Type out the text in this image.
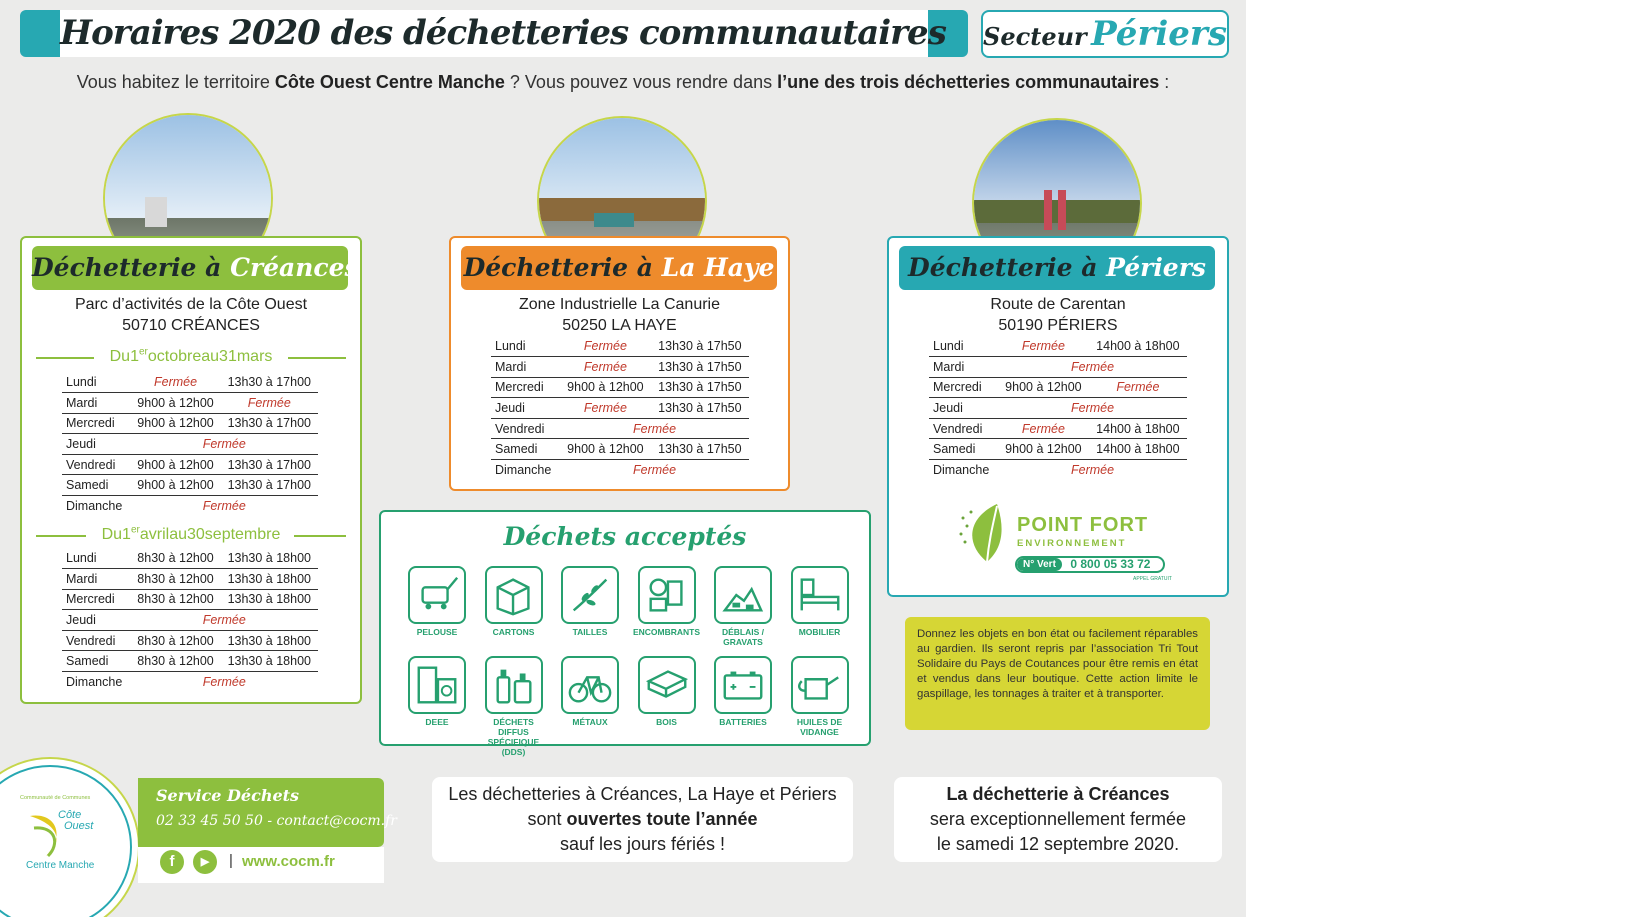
Horaires 2020 des déchetteries communautaires Secteur Périers
Vous habitez le territoire Côte Ouest Centre Manche ? Vous pouvez vous rendre dans l’une des trois déchetteries communautaires :
Déchetterie à Créances
Parc d’activités de la Côte Ouest
50710 CRÉANCES
Du1eroctobreau31mars
Lundi	Fermée	13h30 à 17h00
Mardi	9h00 à 12h00	Fermée
Mercredi	9h00 à 12h00	13h30 à 17h00
Jeudi	Fermée	
Vendredi	9h00 à 12h00	13h30 à 17h00
Samedi	9h00 à 12h00	13h30 à 17h00
Dimanche	Fermée	
Du1eravrilau30septembre
Lundi	8h30 à 12h00	13h30 à 18h00
Mardi	8h30 à 12h00	13h30 à 18h00
Mercredi	8h30 à 12h00	13h30 à 18h00
Jeudi	Fermée	
Vendredi	8h30 à 12h00	13h30 à 18h00
Samedi	8h30 à 12h00	13h30 à 18h00
Dimanche	Fermée	
Déchetterie à La Haye
Zone Industrielle La Canurie
50250 LA HAYE
Lundi	Fermée	13h30 à 17h50
Mardi	Fermée	13h30 à 17h50
Mercredi	9h00 à 12h00	13h30 à 17h50
Jeudi	Fermée	13h30 à 17h50
Vendredi	Fermée	
Samedi	9h00 à 12h00	13h30 à 17h50
Dimanche	Fermée	
Déchetterie à Périers
Route de Carentan
50190 PÉRIERS
Lundi	Fermée	14h00 à 18h00
Mardi	Fermée	
Mercredi	9h00 à 12h00	Fermée
Jeudi	Fermée	
Vendredi	Fermée	14h00 à 18h00
Samedi	9h00 à 12h00	14h00 à 18h00
Dimanche	Fermée	
POINT FORT
ENVIRONNEMENT
N° Vert $^{0 800 05 33 72}$
APPEL GRATUIT
Déchets acceptés
PELOUSE	CARTONS	TAILLES	ENCOMBRANTS	DÉBLAIS / GRAVATS
MOBILIER
DEEE	DÉCHETS DIFFUS SPÉCIFIQUE (DDS)
MÉTAUX	BOIS	BATTERIES	HUILES DE VIDANGE
Donnez les objets en bon état ou facilement réparables au gardien. Ils seront repris par l’association Tri Tout Solidaire du Pays de Coutances pour être remis en état et vendus dans leur boutique. Cette action limite le gaspillage, les tonnages à traiter et à transporter.
Communauté de Communes
Côte
Ouest
Centre Manche
Service Déchets
02 33 45 50 50 - contact@cocm.fr
f	▶	| www.cocm.fr
Les déchetteries à Créances, La Haye et Périers
sont ouvertes toute l’année
sauf les jours fériés !
La déchetterie à Créances
sera exceptionnellement fermée
le samedi 12 septembre 2020.
